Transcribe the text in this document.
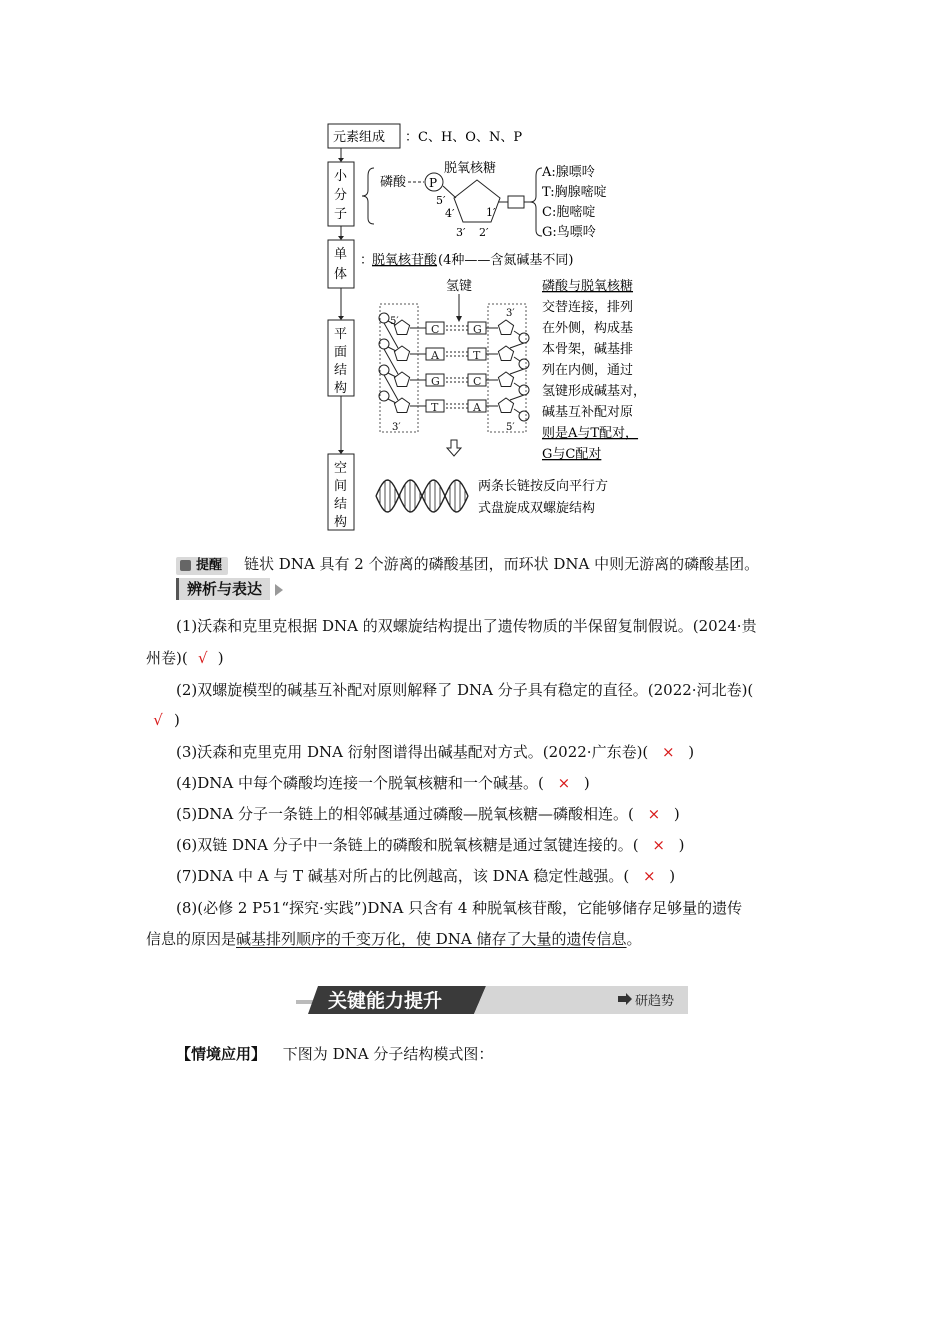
元素组成 ：C、H、O、N、P
小
分
子
磷酸 P
脱氧核糖
5′
4′	1′
3′ 2′
A:腺嘌呤
T:胸腺嘧啶
C:胞嘧啶
G:鸟嘌呤
单
体
：
脱氧核苷酸 (4种——含氮碱基不同)
平
面
结
构
氢键
C	G
A	T
G	C
T	A
5′
3′
3′
5′
磷酸与脱氧核糖
交替连接，排列
在外侧，构成基
本骨架，碱基排
列在内侧，通过
氢键形成碱基对，
碱基互补配对原
则是A与T配对，
G与C配对
空
间
结
构
两条长链按反向平行方
式盘旋成双螺旋结构
提醒	链状 DNA 具有 2 个游离的磷酸基团，而环状 DNA 中则无游离的磷酸基团。
辨析与表达
(1)沃森和克里克根据 DNA 的双螺旋结构提出了遗传物质的半保留复制假说。(2024·贵
州卷)( √ )
(2)双螺旋模型的碱基互补配对原则解释了 DNA 分子具有稳定的直径。(2022·河北卷)(
√ )
(3)沃森和克里克用 DNA 衍射图谱得出碱基配对方式。(2022·广东卷)( × )
(4)DNA 中每个磷酸均连接一个脱氧核糖和一个碱基。( × )
(5)DNA 分子一条链上的相邻碱基通过磷酸—脱氧核糖—磷酸相连。( × )
(6)双链 DNA 分子中一条链上的磷酸和脱氧核糖是通过氢键连接的。( × )
(7)DNA 中 A 与 T 碱基对所占的比例越高，该 DNA 稳定性越强。( × )
(8)(必修 2 P51“探究·实践”)DNA 只含有 4 种脱氧核苷酸，它能够储存足够量的遗传
信息的原因是碱基排列顺序的千变万化，使 DNA 储存了大量的遗传信息。
关键能力提升	研趋势
【情境应用】 下图为 DNA 分子结构模式图：
